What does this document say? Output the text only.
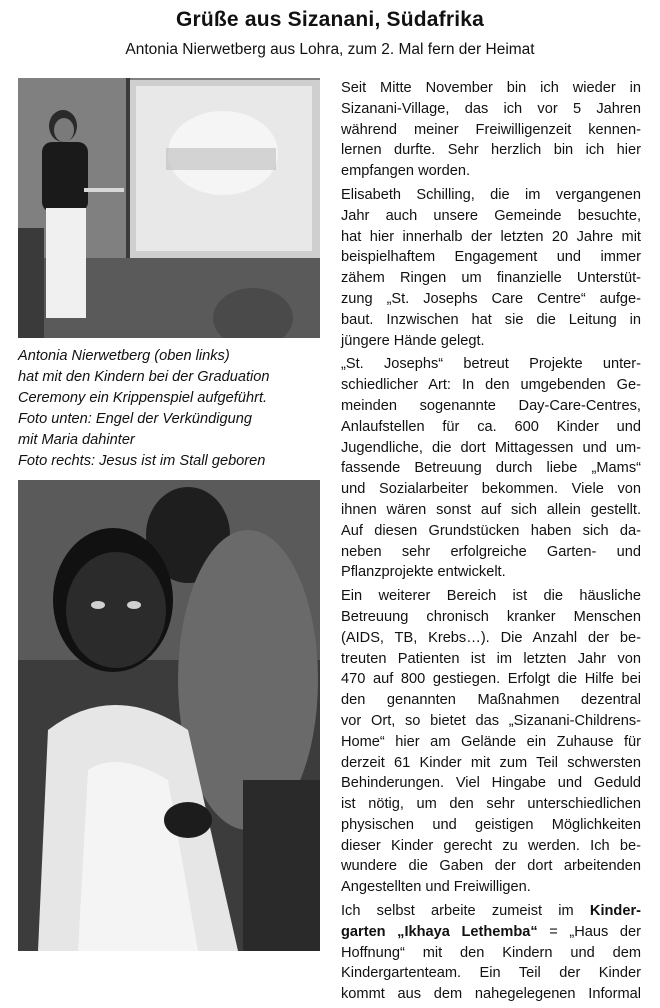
Grüße aus Sizanani, Südafrika
Antonia Nierwetberg aus Lohra, zum 2. Mal fern der Heimat
Antonia Nierwetberg (oben links)
hat mit den Kindern bei der Graduation
Ceremony ein Krippenspiel aufgeführt.
Foto unten: Engel der Verkündigung
mit Maria dahinter
Foto rechts: Jesus ist im Stall geboren
Seit Mitte November bin ich wieder in
Sizanani-Village, das ich vor 5 Jahren
während meiner Freiwilligenzeit kennen-
lernen durfte. Sehr herzlich bin ich hier
empfangen worden.
Elisabeth Schilling, die im vergangenen
Jahr auch unsere Gemeinde besuchte,
hat hier innerhalb der letzten 20 Jahre mit
beispielhaftem Engagement und immer
zähem Ringen um finanzielle Unterstüt-
zung „St. Josephs Care Centre“ aufge-
baut. Inzwischen hat sie die Leitung in
jüngere Hände gelegt.
„St. Josephs“ betreut Projekte unter-
schiedlicher Art: In den umgebenden Ge-
meinden sogenannte Day-Care-Centres,
Anlaufstellen für ca. 600 Kinder und
Jugendliche, die dort Mittagessen und um-
fassende Betreuung durch liebe „Mams“
und Sozialarbeiter bekommen. Viele von
ihnen wären sonst auf sich allein gestellt.
Auf diesen Grundstücken haben sich da-
neben sehr erfolgreiche Garten- und
Pflanzprojekte entwickelt.
Ein weiterer Bereich ist die häusliche
Betreuung chronisch kranker Menschen
(AIDS, TB, Krebs…). Die Anzahl der be-
treuten Patienten ist im letzten Jahr von
470 auf 800 gestiegen. Erfolgt die Hilfe bei
den genannten Maßnahmen dezentral
vor Ort, so bietet das „Sizanani-Childrens-
Home“ hier am Gelände ein Zuhause für
derzeit 61 Kinder mit zum Teil schwersten
Behinderungen. Viel Hingabe und Geduld
ist nötig, um den sehr unterschiedlichen
physischen und geistigen Möglichkeiten
dieser Kinder gerecht zu werden. Ich be-
wundere die Gaben der dort arbeitenden
Angestellten und Freiwilligen.
Ich selbst arbeite zumeist im Kinder-
garten „Ikhaya Lethemba“ = „Haus der
Hoffnung“ mit den Kindern und dem
Kindergartenteam. Ein Teil der Kinder
kommt aus dem nahegelegenen Informal
